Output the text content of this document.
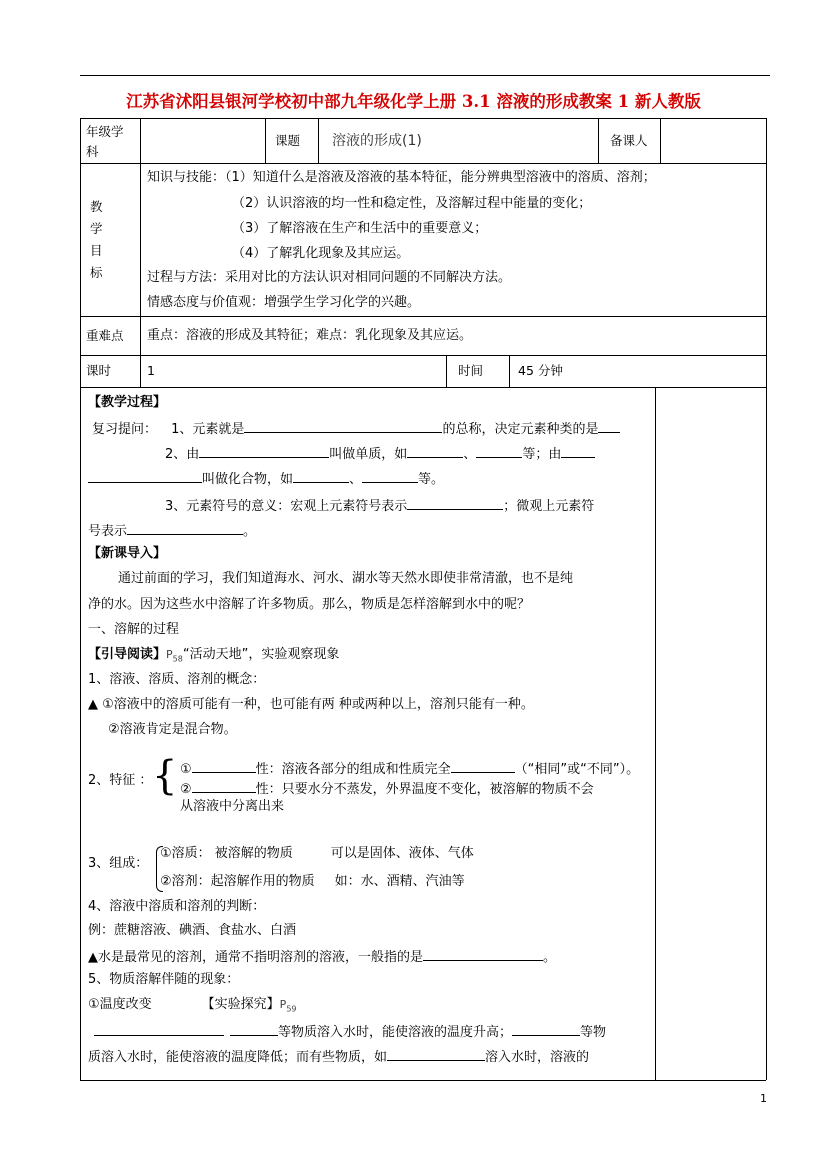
江苏省沭阳县银河学校初中部九年级化学上册 3.1 溶液的形成教案 1 新人教版
年级学
科
课题 溶液的形成(1)	备课人
教
学
目
标
知识与技能：（1）知道什么是溶液及溶液的基本特征，能分辨典型溶液中的溶质、溶剂；
（2）认识溶液的均一性和稳定性，及溶解过程中能量的变化；
（3）了解溶液在生产和生活中的重要意义；
（4）了解乳化现象及其应运。
过程与方法：采用对比的方法认识对相同问题的不同解决方法。
情感态度与价值观：增强学生学习化学的兴趣。
重难点 重点：溶液的形成及其特征；难点：乳化现象及其应运。
课时	1	时间	45 分钟
【教学过程】
复习提问： 1、元素就是	的总称，决定元素种类的是
2、由	叫做单质，如	、	等；由
叫做化合物，如	、	等。
3、元素符号的意义：宏观上元素符号表示	；微观上元素符
号表示	。
【新课导入】
通过前面的学习，我们知道海水、河水、湖水等天然水即使非常清澈，也不是纯
净的水。因为这些水中溶解了许多物质。那么，物质是怎样溶解到水中的呢？
一、溶解的过程
【引导阅读】$P_{58}“$活动天地”，实验观察现象
1、溶液、溶质、溶剂的概念：
▲ ①溶液中的溶质可能有一种，也可能有两 种或两种以上，溶剂只能有一种。
②溶液肯定是混合物。
2、特征 ： { ①	性：溶液各部分的组成和性质完全	（“相同”或“不同”）。
②	性：只要水分不蒸发，外界温度不变化，被溶解的物质不会
从溶液中分离出来
3、组成：
①溶质： 被溶解的物质	可以是固体、液体、气体
②溶剂：起溶解作用的物质 如：水、酒精、汽油等
4、溶液中溶质和溶剂的判断：
例：蔗糖溶液、碘酒、食盐水、白酒
▲水是最常见的溶剂，通常不指明溶剂的溶液，一般指的是	。
5、物质溶解伴随的现象：
①温度改变	【实验探究】$P_{59}$
等物质溶入水时，能使溶液的温度升高；	等物
质溶入水时，能使溶液的温度降低；而有些物质，如	溶入水时，溶液的
1
